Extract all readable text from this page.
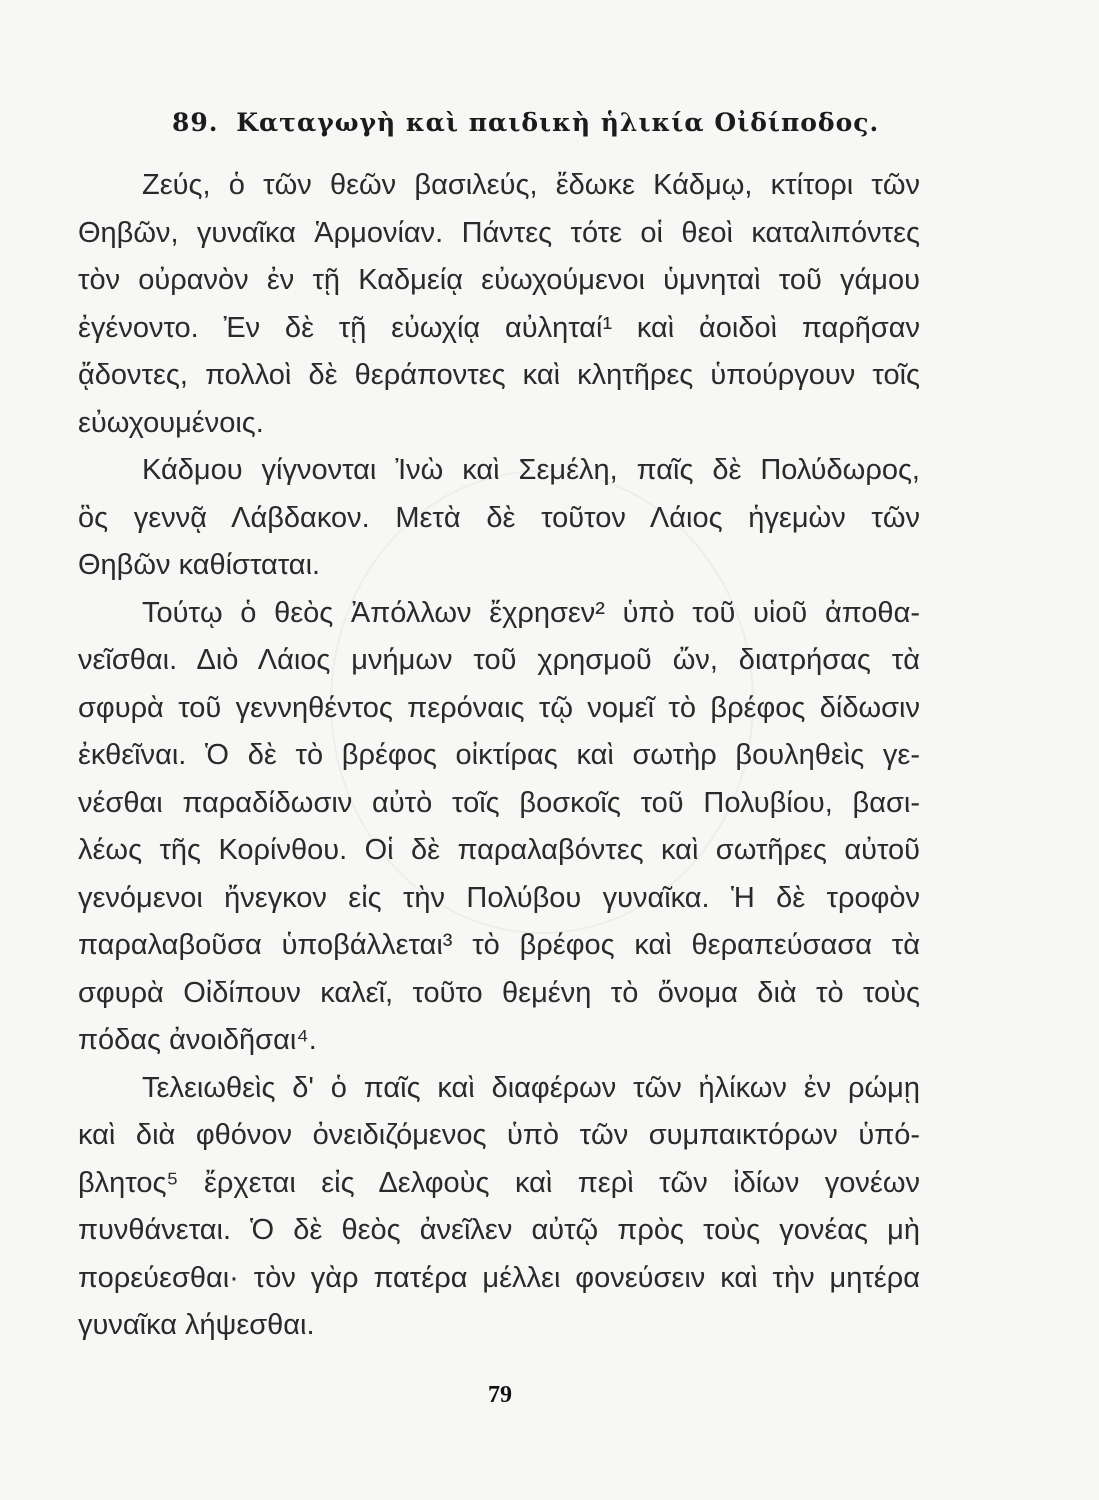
89. Καταγωγὴ καὶ παιδικὴ ἡλικία Οἰδίποδος.
Ζεύς, ὁ τῶν θεῶν βασιλεύς, ἔδωκε Κάδμῳ, κτίτορι τῶν
Θηβῶν, γυναῖκα Ἁρμονίαν. Πάντες τότε οἱ θεοὶ καταλιπόντες
τὸν οὐρανὸν ἐν τῇ Καδμείᾳ εὐωχούμενοι ὑμνηταὶ τοῦ γάμου
ἐγένοντο. Ἐν δὲ τῇ εὐωχίᾳ αὐληταί¹ καὶ ἀοιδοὶ παρῆσαν
ᾄδοντες, πολλοὶ δὲ θεράποντες καὶ κλητῆρες ὑπούργουν τοῖς
εὐωχουμένοις.
Κάδμου γίγνονται Ἰνὼ καὶ Σεμέλη, παῖς δὲ Πολύδωρος,
ὃς γεννᾷ Λάβδακον. Μετὰ δὲ τοῦτον Λάιος ἡγεμὼν τῶν
Θηβῶν καθίσταται.
Τούτῳ ὁ θεὸς Ἀπόλλων ἔχρησεν² ὑπὸ τοῦ υἱοῦ ἀποθα-
νεῖσθαι. Διὸ Λάιος μνήμων τοῦ χρησμοῦ ὤν, διατρήσας τὰ
σφυρὰ τοῦ γεννηθέντος περόναις τῷ νομεῖ τὸ βρέφος δίδωσιν
ἐκθεῖναι. Ὁ δὲ τὸ βρέφος οἰκτίρας καὶ σωτὴρ βουληθεὶς γε-
νέσθαι παραδίδωσιν αὐτὸ τοῖς βοσκοῖς τοῦ Πολυβίου, βασι-
λέως τῆς Κορίνθου. Οἱ δὲ παραλαβόντες καὶ σωτῆρες αὐτοῦ
γενόμενοι ἤνεγκον εἰς τὴν Πολύβου γυναῖκα. Ἡ δὲ τροφὸν
παραλαβοῦσα ὑποβάλλεται³ τὸ βρέφος καὶ θεραπεύσασα τὰ
σφυρὰ Οἰδίπουν καλεῖ, τοῦτο θεμένη τὸ ὄνομα διὰ τὸ τοὺς
πόδας ἀνοιδῆσαι⁴.
Τελειωθεὶς δ' ὁ παῖς καὶ διαφέρων τῶν ἡλίκων ἐν ρώμῃ
καὶ διὰ φθόνον ὀνειδιζόμενος ὑπὸ τῶν συμπαικτόρων ὑπό-
βλητος⁵ ἔρχεται εἰς Δελφοὺς καὶ περὶ τῶν ἰδίων γονέων
πυνθάνεται. Ὁ δὲ θεὸς ἀνεῖλεν αὐτῷ πρὸς τοὺς γονέας μὴ
πορεύεσθαι· τὸν γὰρ πατέρα μέλλει φονεύσειν καὶ τὴν μητέρα
γυναῖκα λήψεσθαι.
79
